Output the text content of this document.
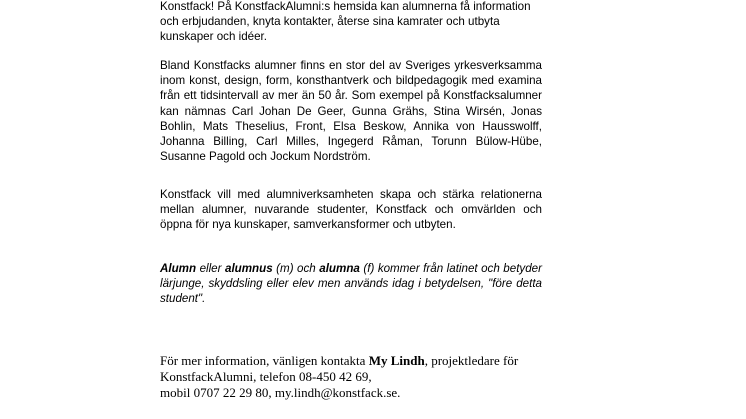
Konstfack! På KonstfackAlumni:s hemsida kan alumnerna få information och erbjudanden, knyta kontakter, återse sina kamrater och utbyta kunskaper och idéer.

Bland Konstfacks alumner finns en stor del av Sveriges yrkesverksamma inom konst, design, form, konsthantverk och bildpedagogik med examina från ett tidsintervall av mer än 50 år. Som exempel på Konstfacksalumner kan nämnas Carl Johan De Geer, Gunna Grähs, Stina Wirsén, Jonas Bohlin, Mats Theselius, Front, Elsa Beskow, Annika von Hausswolff, Johanna Billing, Carl Milles, Ingegerd Råman, Torunn Bülow-Hübe, Susanne Pagold och Jockum Nordström.

Konstfack vill med alumniverksamheten skapa och stärka relationerna mellan alumner, nuvarande studenter, Konstfack och omvärlden och öppna för nya kunskaper, samverkansformer och utbyten.

Alumn eller alumnus (m) och alumna (f) kommer från latinet och betyder lärjunge, skyddsling eller elev men används idag i betydelsen, "före detta student".

För mer information, vänligen kontakta My Lindh, projektledare för
KonstfackAlumni, telefon 08-450 42 69,
mobil 0707 22 29 80, my.lindh@konstfack.se.
